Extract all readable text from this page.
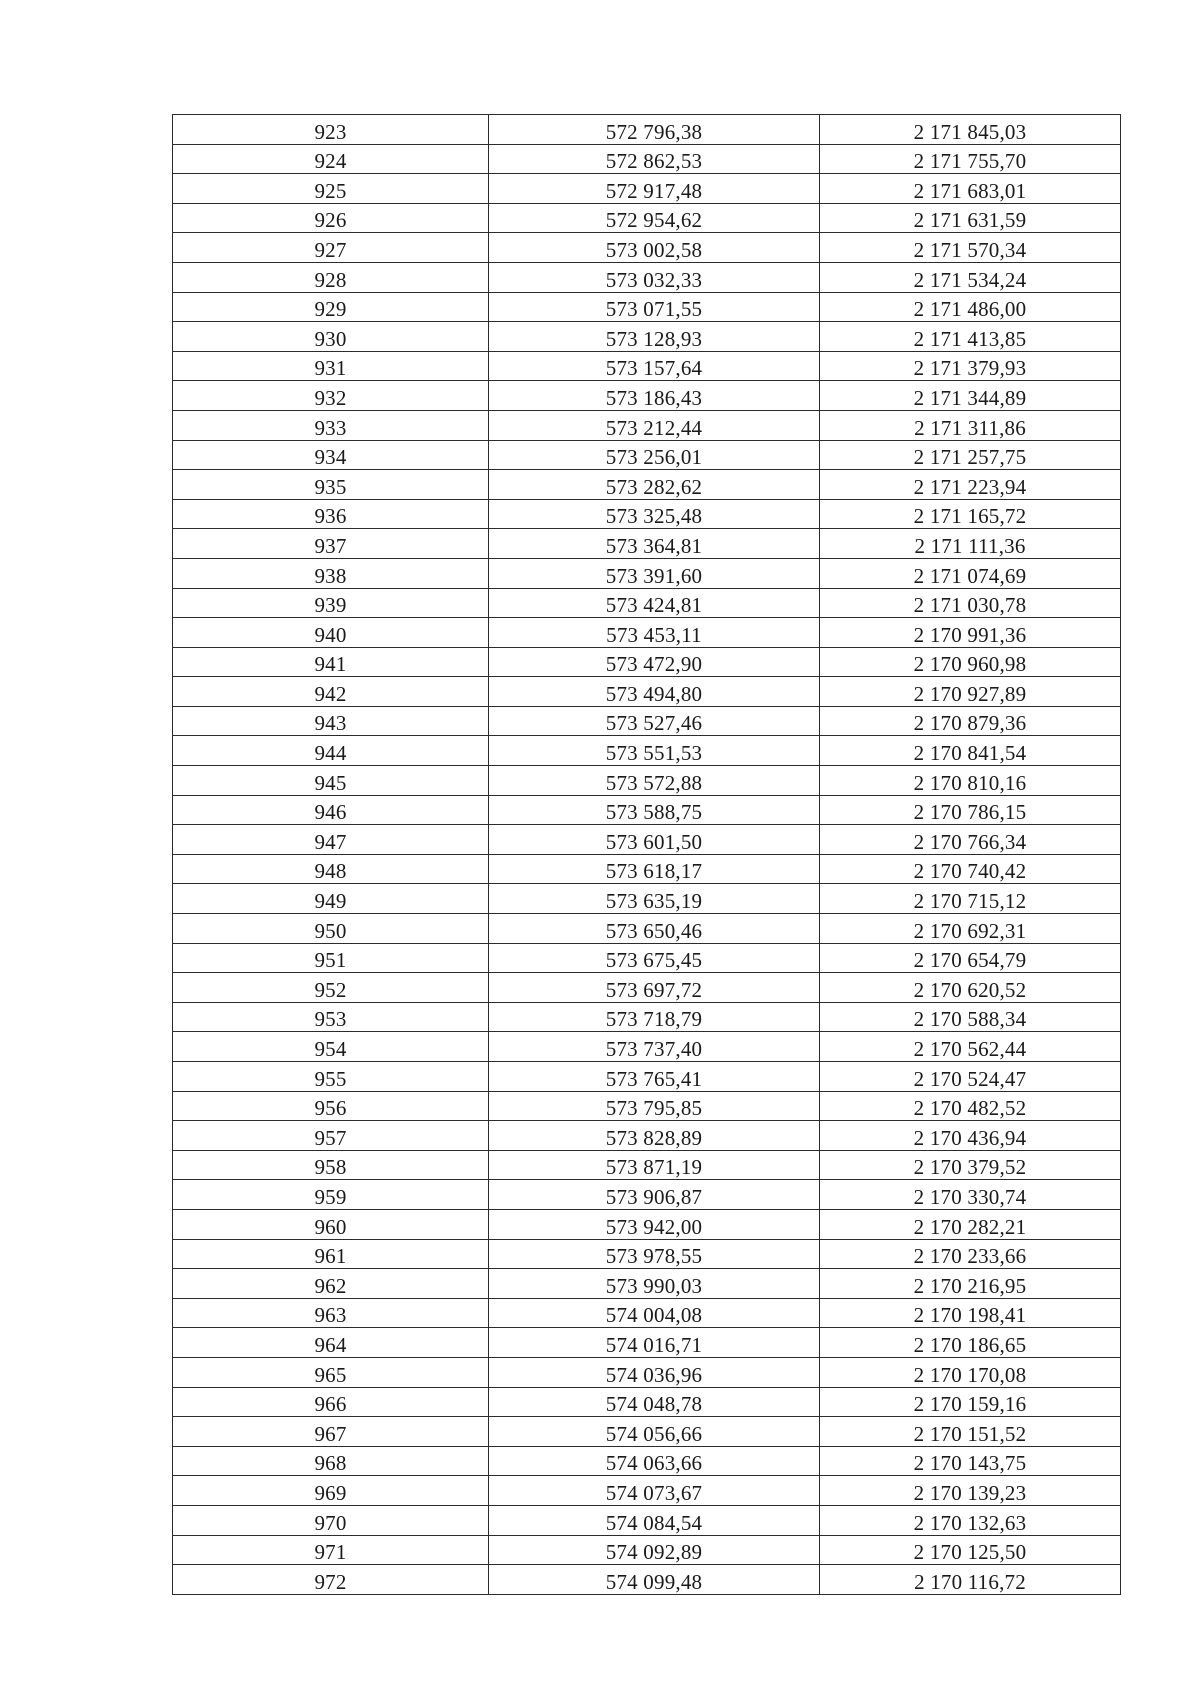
923	572 796,38	2 171 845,03
924	572 862,53	2 171 755,70
925	572 917,48	2 171 683,01
926	572 954,62	2 171 631,59
927	573 002,58	2 171 570,34
928	573 032,33	2 171 534,24
929	573 071,55	2 171 486,00
930	573 128,93	2 171 413,85
931	573 157,64	2 171 379,93
932	573 186,43	2 171 344,89
933	573 212,44	2 171 311,86
934	573 256,01	2 171 257,75
935	573 282,62	2 171 223,94
936	573 325,48	2 171 165,72
937	573 364,81	2 171 111,36
938	573 391,60	2 171 074,69
939	573 424,81	2 171 030,78
940	573 453,11	2 170 991,36
941	573 472,90	2 170 960,98
942	573 494,80	2 170 927,89
943	573 527,46	2 170 879,36
944	573 551,53	2 170 841,54
945	573 572,88	2 170 810,16
946	573 588,75	2 170 786,15
947	573 601,50	2 170 766,34
948	573 618,17	2 170 740,42
949	573 635,19	2 170 715,12
950	573 650,46	2 170 692,31
951	573 675,45	2 170 654,79
952	573 697,72	2 170 620,52
953	573 718,79	2 170 588,34
954	573 737,40	2 170 562,44
955	573 765,41	2 170 524,47
956	573 795,85	2 170 482,52
957	573 828,89	2 170 436,94
958	573 871,19	2 170 379,52
959	573 906,87	2 170 330,74
960	573 942,00	2 170 282,21
961	573 978,55	2 170 233,66
962	573 990,03	2 170 216,95
963	574 004,08	2 170 198,41
964	574 016,71	2 170 186,65
965	574 036,96	2 170 170,08
966	574 048,78	2 170 159,16
967	574 056,66	2 170 151,52
968	574 063,66	2 170 143,75
969	574 073,67	2 170 139,23
970	574 084,54	2 170 132,63
971	574 092,89	2 170 125,50
972	574 099,48	2 170 116,72
